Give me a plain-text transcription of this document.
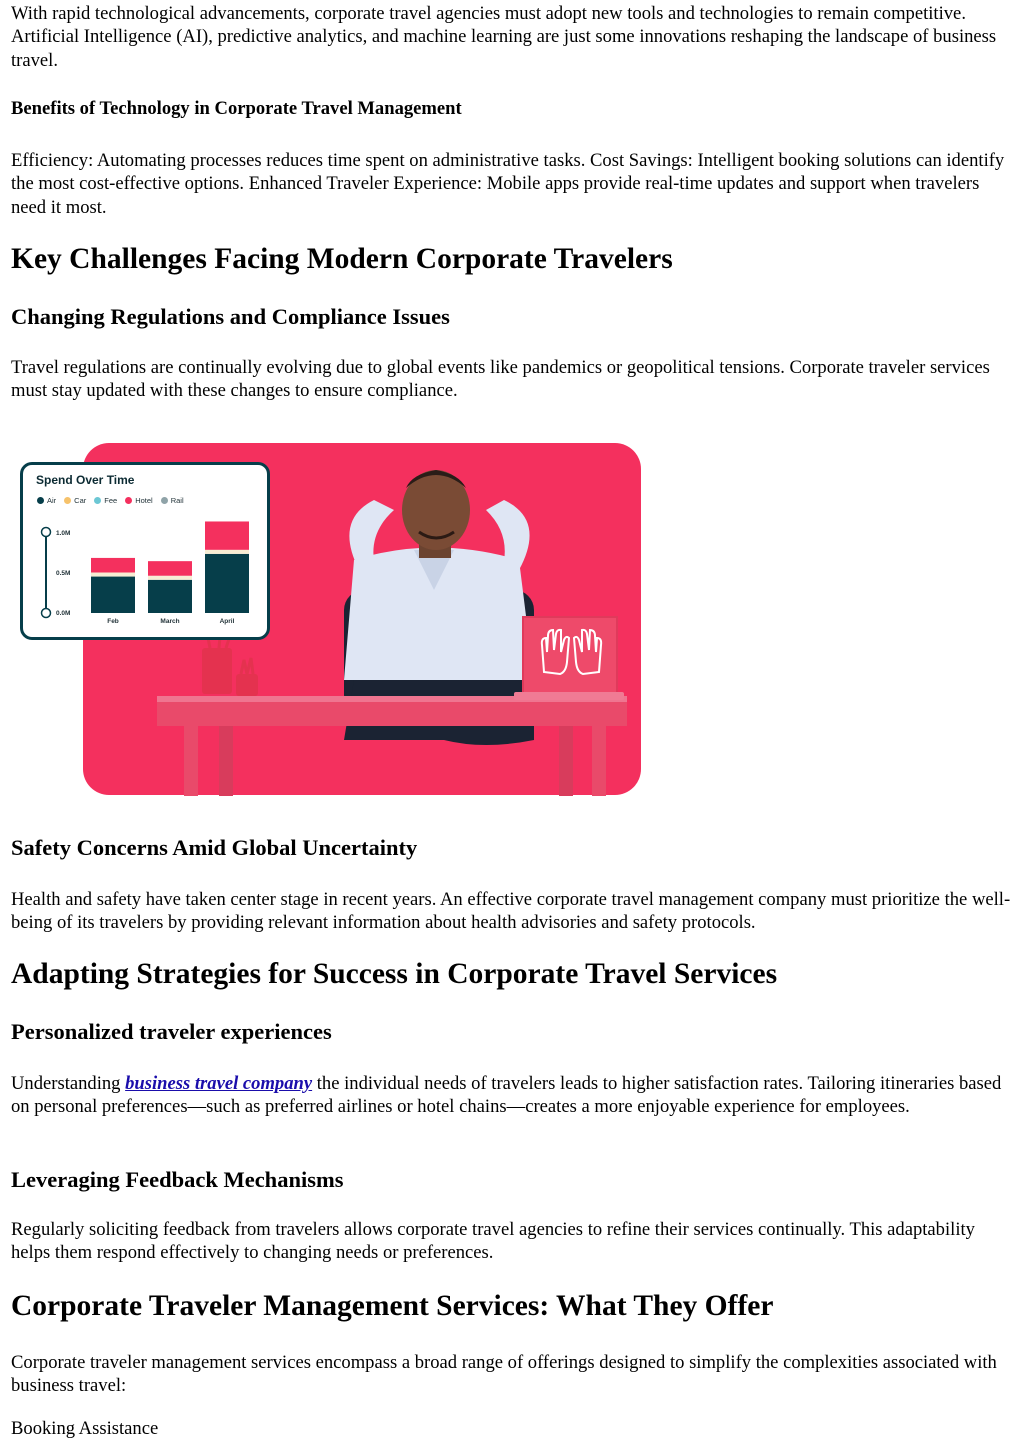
With rapid technological advancements, corporate travel agencies must adopt new tools and technologies to remain competitive. Artificial Intelligence (AI), predictive analytics, and machine learning are just some innovations reshaping the landscape of business travel.

Benefits of Technology in Corporate Travel Management

Efficiency: Automating processes reduces time spent on administrative tasks. Cost Savings: Intelligent booking solutions can identify the most cost-effective options. Enhanced Traveler Experience: Mobile apps provide real-time updates and support when travelers need it most.

Key Challenges Facing Modern Corporate Travelers
Changing Regulations and Compliance Issues

Travel regulations are continually evolving due to global events like pandemics or geopolitical tensions. Corporate traveler services must stay updated with these changes to ensure compliance.

Spend Over Time
Air Car Fee Hotel Rail
1.0M
0.5M
0.0M
Feb	March	April
Safety Concerns Amid Global Uncertainty

Health and safety have taken center stage in recent years. An effective corporate travel management company must prioritize the well-being of its travelers by providing relevant information about health advisories and safety protocols.

Adapting Strategies for Success in Corporate Travel Services
Personalized traveler experiences

Understanding business travel company the individual needs of travelers leads to higher satisfaction rates. Tailoring itineraries based on personal preferences—such as preferred airlines or hotel chains—creates a more enjoyable experience for employees.

Leveraging Feedback Mechanisms

Regularly soliciting feedback from travelers allows corporate travel agencies to refine their services continually. This adaptability helps them respond effectively to changing needs or preferences.

Corporate Traveler Management Services: What They Offer

Corporate traveler management services encompass a broad range of offerings designed to simplify the complexities associated with business travel:

Booking Assistance
